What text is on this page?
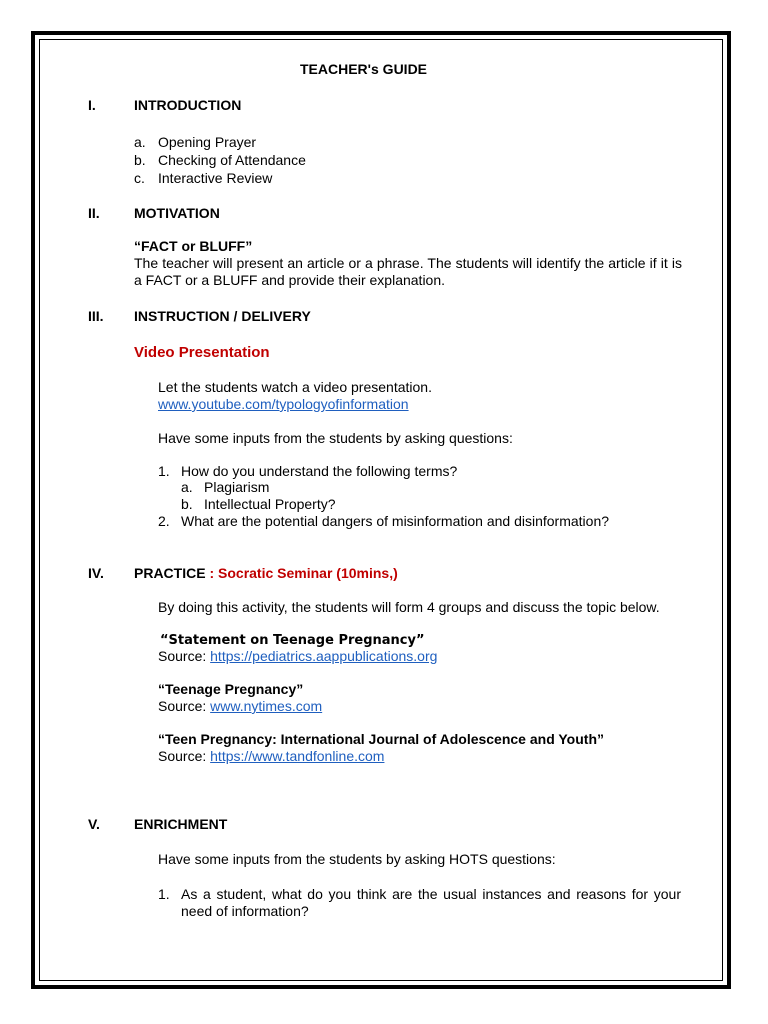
TEACHER's GUIDE
I.	INTRODUCTION
a. Opening Prayer
b. Checking of Attendance
c. Interactive Review
II. MOTIVATION
“FACT or BLUFF”
The teacher will present an article or a phrase. The students will identify the article if it is a FACT or a BLUFF and provide their explanation.
III. INSTRUCTION / DELIVERY
Video Presentation
Let the students watch a video presentation.
www.youtube.com/typologyofinformation
Have some inputs from the students by asking questions:
1. How do you understand the following terms?
a. Plagiarism
b. Intellectual Property?
2. What are the potential dangers of misinformation and disinformation?
IV. PRACTICE : Socratic Seminar (10mins,)
By doing this activity, the students will form 4 groups and discuss the topic below.
“Statement on Teenage Pregnancy”
Source: https://pediatrics.aappublications.org
“Teenage Pregnancy”
Source: www.nytimes.com
“Teen Pregnancy: International Journal of Adolescence and Youth”
Source: https://www.tandfonline.com
V. ENRICHMENT
Have some inputs from the students by asking HOTS questions:
1. As a student, what do you think are the usual instances and reasons for your need of information?
